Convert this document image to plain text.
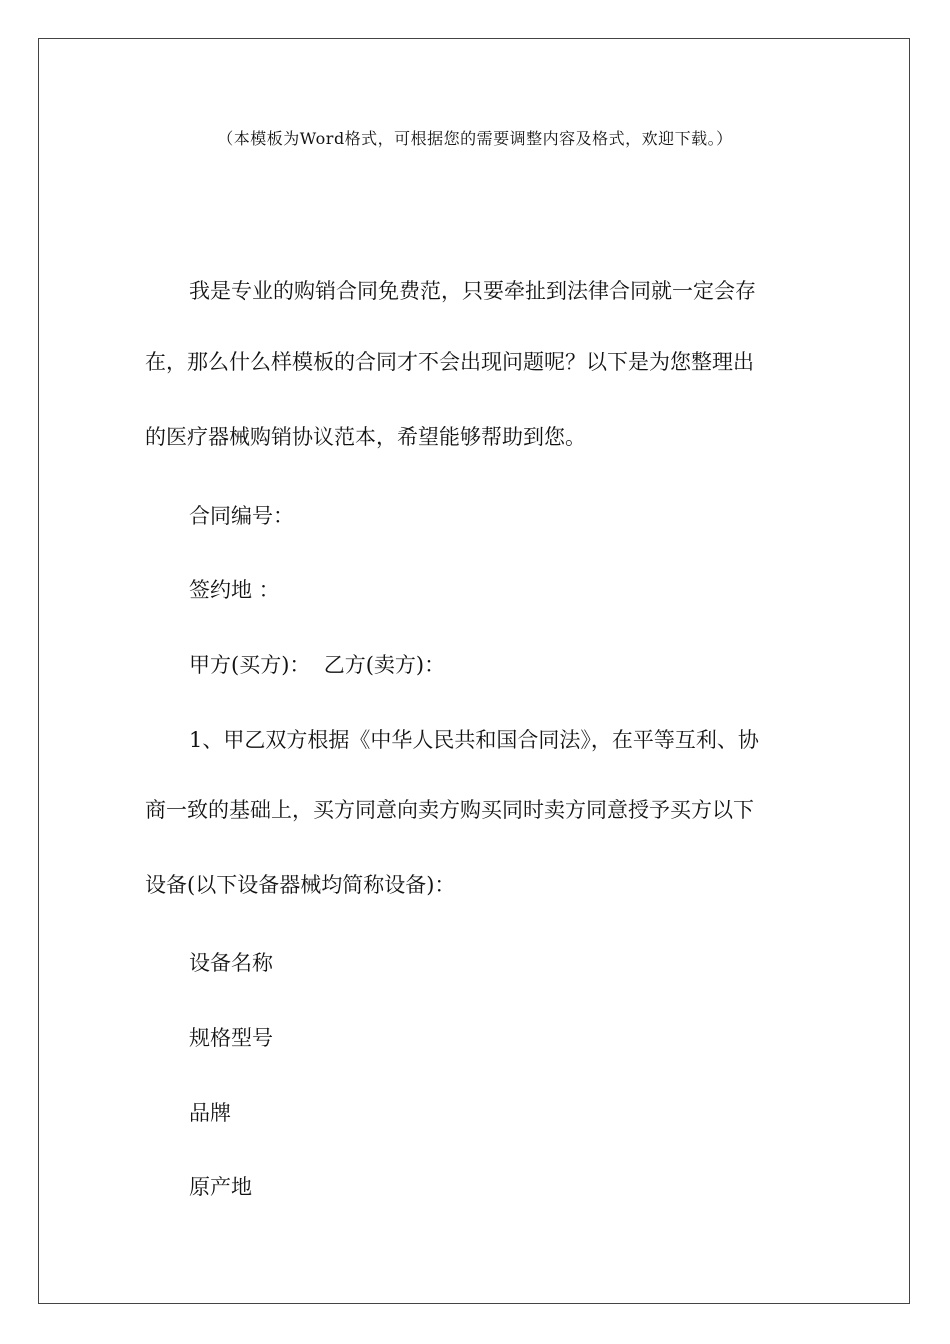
（本模板为Word格式，可根据您的需要调整内容及格式，欢迎下载。）

我是专业的购销合同免费范，只要牵扯到法律合同就一定会存

在，那么什么样模板的合同才不会出现问题呢？以下是为您整理出

的医疗器械购销协议范本，希望能够帮助到您。

合同编号：

签约地 ：

甲方(买方)：  乙方(卖方)：

1、甲乙双方根据《中华人民共和国合同法》，在平等互利、协

商一致的基础上，买方同意向卖方购买同时卖方同意授予买方以下

设备(以下设备器械均简称设备)：

设备名称

规格型号

品牌

原产地
